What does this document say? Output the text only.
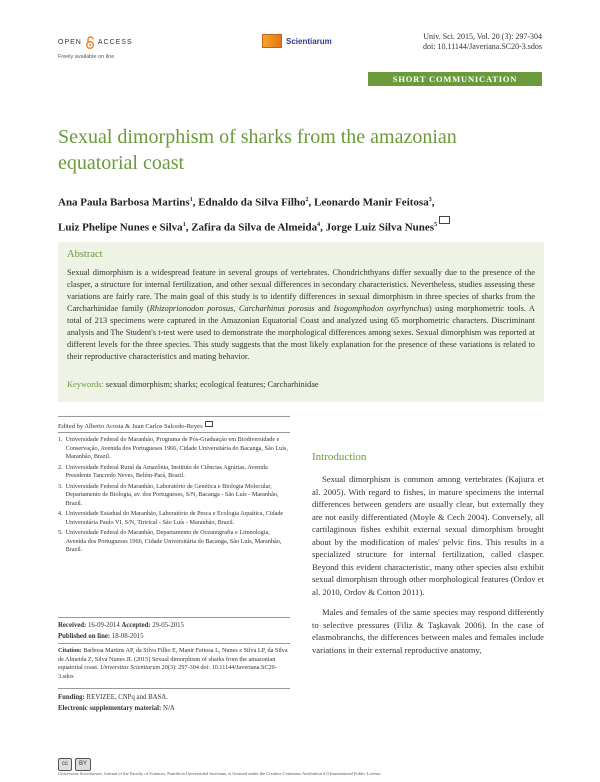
OPEN ACCESS
Freely available on line
Scientiarum	Univ. Sci. 2015, Vol. 20 (3): 297-304
doi: 10.11144/Javeriana.SC20-3.sdos
SHORT COMMUNICATION
Sexual dimorphism of sharks from the amazonian equatorial coast
Ana Paula Barbosa Martins$^1$, Ednaldo da Silva Filho$^2$, Leonardo Manir Feitosa$^3$,
Luiz Phelipe Nunes e Silva$^1$, Zafira da Silva de Almeida$^4$, Jorge Luiz Silva Nunes$^5$
Abstract
Sexual dimorphism is a widespread feature in several groups of vertebrates. Chondrichthyans differ sexually due to the presence of the clasper, a structure for internal fertilization, and other sexual differences in secondary characteristics. Nevertheless, studies assessing these variations are fairly rare. The main goal of this study is to identify differences in sexual dimorphism in three species of sharks from the Carcharhinidae family (Rhizoprionodon porosus, Carcharhinus porosus and Isogomphodon oxyrhynchus) using morphometric tools. A total of 213 specimens were captured in the Amazonian Equatorial Coast and analyzed using 65 morphometric characters. Discriminant analysis and The Student's t-test were used to demonstrate the morphological differences among sexes. Sexual dimorphism was reported at different levels for the three species. This study suggests that the most likely explanation for the presence of these variations is related to their reproductive characteristics and mating behavior.
Keywords: sexual dimorphism; sharks; ecological features; Carcharhinidae
Edited by Alberto Acosta & Juan Carlos Salcedo-Reyes
1. Universidade Federal do Maranhão, Programa de Pós-Graduação em Biodiversidade e Conservação, Avenida dos Portugueses 1966, Cidade Universitária do Bacanga, São Luís, Maranhão, Brazil.
2. Universidade Federal Rural da Amazônia, Instituto de Ciências Agrárias, Avenida Presidente Tancredo Neves, Belém-Pará, Brazil.
3. Universidade Federal do Maranhão, Laboratório de Genética e Biologia Molecular, Departamento de Biologia, av. dos Portugueses, S/N, Bacanga - São Luís - Maranhão, Brazil.
4. Universidade Estadual do Maranhão, Laboratório de Pesca e Ecologia Aquática, Cidade Universitária Paulo VI, S/N, Tirirical - São Luís - Maranhão, Brazil.
5. Universidade Federal do Maranhão, Departamento de Oceanografia e Limnologia, Avenida dos Portugueses 1966, Cidade Universitária do Bacanga, São Luís, Maranhão, Brazil.
Received: 16-09-2014 Accepted: 29-05-2015
Published on line: 18-08-2015
Citation: Barbosa Martins AP, da Silva Filho E, Manir Feitosa L, Nunes e Silva LP, da Silva de Almeida Z, Silva Nunes JL (2015) Sexual dimorphism of sharks from the amazonian equatorial coast. Universitas Scientiarum 20(3): 297-304 doi: 10.11144/Javeriana.SC20-3.sdos
Funding: REVIZEE, CNPq and BASA.
Electronic supplementary material: N/A
Introduction

Sexual dimorphism is common among vertebrates (Kajiura et al. 2005). With regard to fishes, in mature specimens the internal differences between genders are usually clear, but externally they are not easily differentiated (Moyle & Cech 2004). Conversely, all cartilaginous fishes exhibit external sexual dimorphism brought about by the modification of males' pelvic fins. This results in a specialized structure for internal fertilization, called clasper. Beyond this evident characteristic, many other species also exhibit sexual dimorphism through other morphological features (Ordov et al. 2010, Ordov & Cotton 2011).

Males and females of the same species may respond differently to selective pressures (Filiz & Taşkavak 2006). In the case of elasmobranchs, the differences between males and females include variations in their external reproductive anatomy,

cc	BY
Universitas Scientiarum, Journal of the Faculty of Sciences, Pontificia Universidad Javeriana, is licensed under the Creative Commons Attribution 4.0 International Public License
